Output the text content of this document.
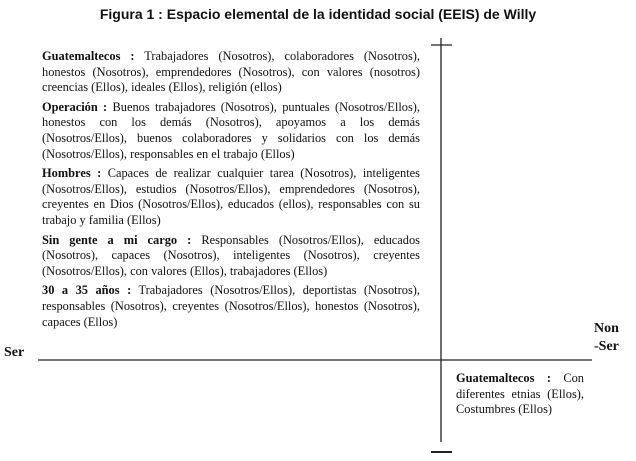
Figura 1 : Espacio elemental de la identidad social (EEIS) de Willy
Guatemaltecos : Trabajadores (Nosotros), colaboradores (Nosotros), honestos (Nosotros), emprendedores (Nosotros), con valores (nosotros) creencias (Ellos), ideales (Ellos), religión (ellos)
Operación : Buenos trabajadores (Nosotros), puntuales (Nosotros/Ellos), honestos con los demás (Nosotros), apoyamos a los demás (Nosotros/Ellos), buenos colaboradores y solidarios con los demás (Nosotros/Ellos), responsables en el trabajo (Ellos)
Hombres : Capaces de realizar cualquier tarea (Nosotros), inteligentes (Nosotros/Ellos), estudios (Nosotros/Ellos), emprendedores (Nosotros), creyentes en Dios (Nosotros/Ellos), educados (ellos), responsables con su trabajo y familia (Ellos)
Sin gente a mi cargo : Responsables (Nosotros/Ellos), educados (Nosotros), capaces (Nosotros), inteligentes (Nosotros), creyentes (Nosotros/Ellos), con valores (Ellos), trabajadores (Ellos)
30 a 35 años : Trabajadores (Nosotros/Ellos), deportistas (Nosotros), responsables (Nosotros), creyentes (Nosotros/Ellos), honestos (Nosotros), capaces (Ellos)
Guatemaltecos : Con diferentes etnias (Ellos), Costumbres (Ellos)
Ser
Non
-Ser
